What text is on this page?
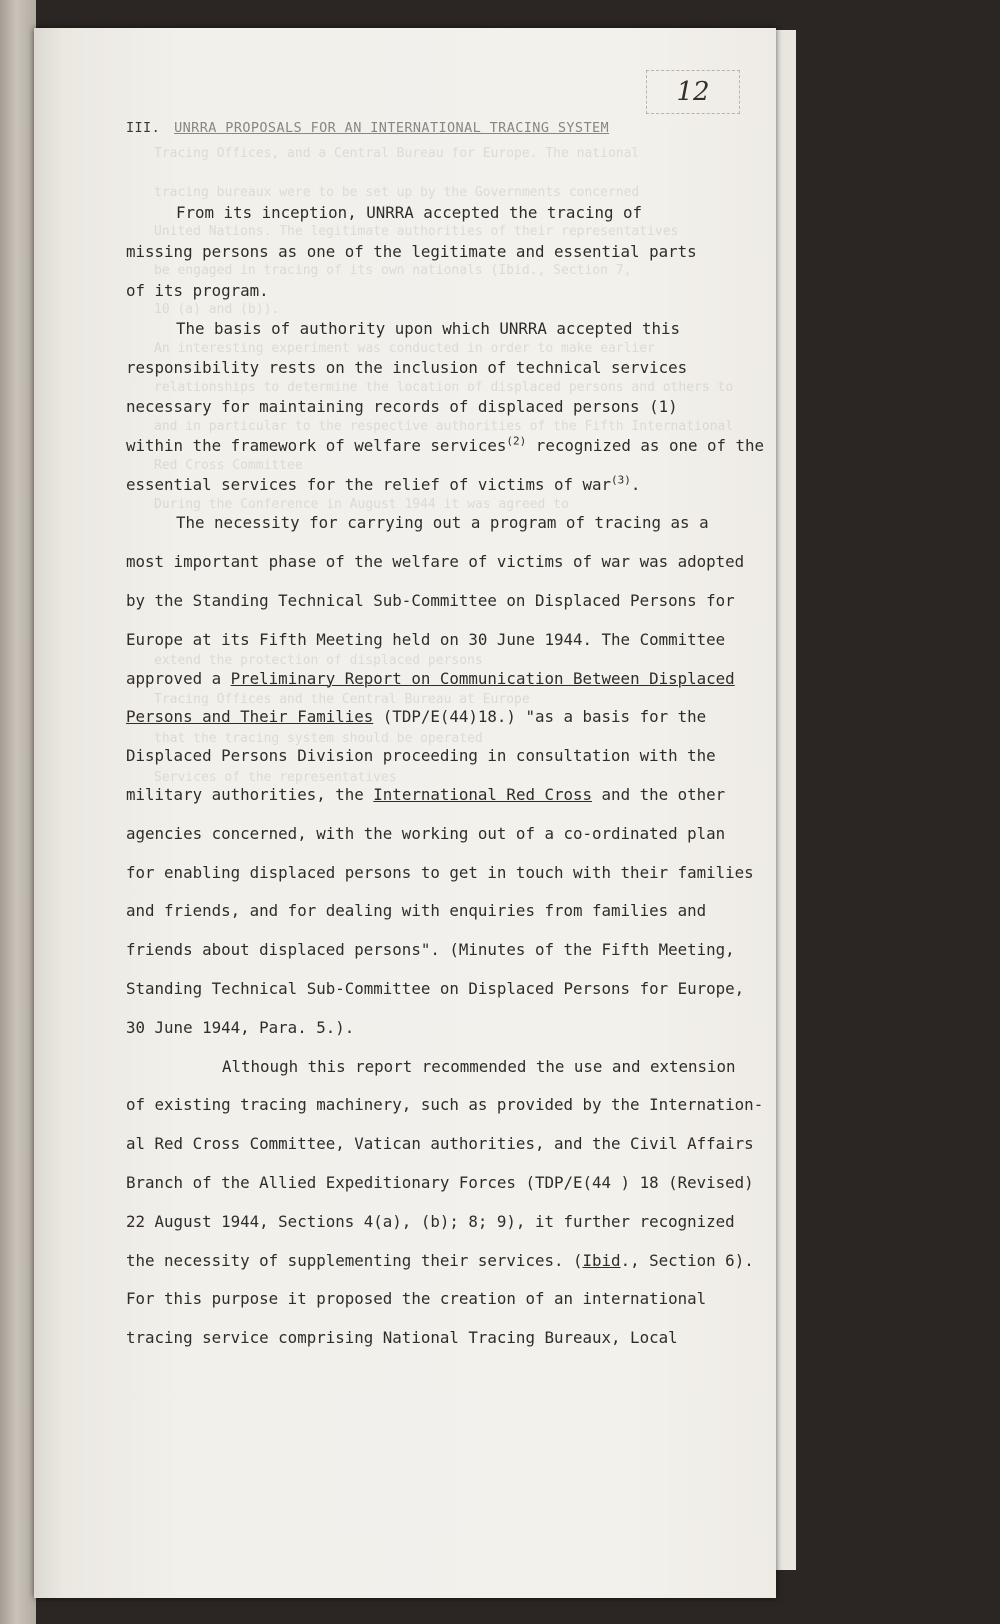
12
Tracing Offices, and a Central Bureau for Europe. The national
tracing bureaux were to be set up by the Governments concerned
United Nations. The legitimate authorities of their representatives
be engaged in tracing of its own nationals (Ibid., Section 7,
10 (a) and (b)).
An interesting experiment was conducted in order to make earlier
relationships to determine the location of displaced persons and others to
and in particular to the respective authorities of the Fifth International
Red Cross Committee
During the Conference in August 1944 it was agreed to
extend the protection of displaced persons
Tracing Offices and the Central Bureau at Europe
that the tracing system should be operated
Services of the representatives
III. UNRRA PROPOSALS FOR AN INTERNATIONAL TRACING SYSTEM
From its inception, UNRRA accepted the tracing of
missing persons as one of the legitimate and essential parts
of its program.
The basis of authority upon which UNRRA accepted this
responsibility rests on the inclusion of technical services
necessary for maintaining records of displaced persons (1)
within the framework of welfare services$^{(2)}$ recognized as one of the
essential services for the relief of victims of war$^{(3)}$.
The necessity for carrying out a program of tracing as a
most important phase of the welfare of victims of war was adopted
by the Standing Technical Sub-Committee on Displaced Persons for
Europe at its Fifth Meeting held on 30 June 1944. The Committee
approved a Preliminary Report on Communication Between Displaced
Persons and Their Families (TDP/E(44)18.) "as a basis for the
Displaced Persons Division proceeding in consultation with the
military authorities, the International Red Cross and the other
agencies concerned, with the working out of a co-ordinated plan
for enabling displaced persons to get in touch with their families
and friends, and for dealing with enquiries from families and
friends about displaced persons". (Minutes of the Fifth Meeting,
Standing Technical Sub-Committee on Displaced Persons for Europe,
30 June 1944, Para. 5.).
Although this report recommended the use and extension
of existing tracing machinery, such as provided by the Internation-
al Red Cross Committee, Vatican authorities, and the Civil Affairs
Branch of the Allied Expeditionary Forces (TDP/E(44 ) 18 (Revised)
22 August 1944, Sections 4(a), (b); 8; 9), it further recognized
the necessity of supplementing their services. (Ibid., Section 6).
For this purpose it proposed the creation of an international
tracing service comprising National Tracing Bureaux, Local
